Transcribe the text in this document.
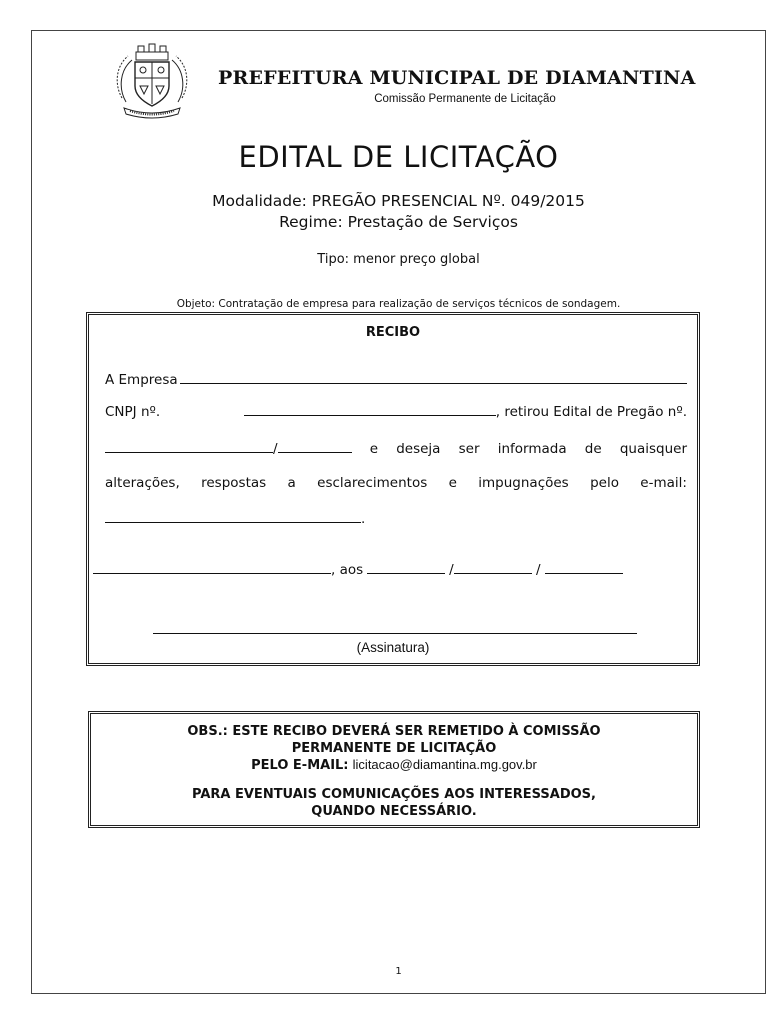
PREFEITURA MUNICIPAL DE DIAMANTINA
Comissão Permanente de Licitação
EDITAL DE LICITAÇÃO
Modalidade: PREGÃO PRESENCIAL Nº. 049/2015
Regime: Prestação de Serviços
Tipo: menor preço global
Objeto: Contratação de empresa para realização de serviços técnicos de sondagem.
RECIBO
A Empresa
CNPJ nº.	, retirou Edital de Pregão nº.
/	e deseja ser informada de quaisquer
alterações, respostas a esclarecimentos e impugnações pelo e-mail:
.
, aos	/	/
(Assinatura)
OBS.: ESTE RECIBO DEVERÁ SER REMETIDO À COMISSÃO
PERMANENTE DE LICITAÇÃO
PELO E-MAIL: licitacao@diamantina.mg.gov.br
PARA EVENTUAIS COMUNICAÇÕES AOS INTERESSADOS,
QUANDO NECESSÁRIO.
1
